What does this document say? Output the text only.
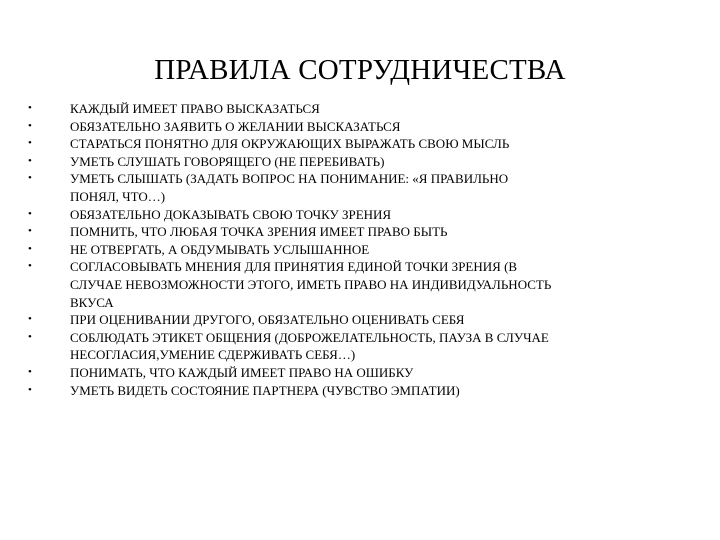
ПРАВИЛА СОТРУДНИЧЕСТВА
•	КАЖДЫЙ ИМЕЕТ ПРАВО ВЫСКАЗАТЬСЯ
•	ОБЯЗАТЕЛЬНО ЗАЯВИТЬ О ЖЕЛАНИИ ВЫСКАЗАТЬСЯ
•	СТАРАТЬСЯ ПОНЯТНО ДЛЯ ОКРУЖАЮЩИХ ВЫРАЖАТЬ СВОЮ МЫСЛЬ
•	УМЕТЬ СЛУШАТЬ ГОВОРЯЩЕГО (НЕ ПЕРЕБИВАТЬ)
•	УМЕТЬ СЛЫШАТЬ (ЗАДАТЬ ВОПРОС НА ПОНИМАНИЕ: «Я ПРАВИЛЬНО
ПОНЯЛ, ЧТО…)
•	ОБЯЗАТЕЛЬНО ДОКАЗЫВАТЬ СВОЮ ТОЧКУ ЗРЕНИЯ
•	ПОМНИТЬ, ЧТО ЛЮБАЯ ТОЧКА ЗРЕНИЯ ИМЕЕТ ПРАВО БЫТЬ
•	НЕ ОТВЕРГАТЬ, А ОБДУМЫВАТЬ УСЛЫШАННОЕ
•	СОГЛАСОВЫВАТЬ МНЕНИЯ ДЛЯ ПРИНЯТИЯ ЕДИНОЙ ТОЧКИ ЗРЕНИЯ (В
СЛУЧАЕ НЕВОЗМОЖНОСТИ ЭТОГО, ИМЕТЬ ПРАВО НА ИНДИВИДУАЛЬНОСТЬ
ВКУСА
•	ПРИ ОЦЕНИВАНИИ ДРУГОГО, ОБЯЗАТЕЛЬНО ОЦЕНИВАТЬ СЕБЯ
•	СОБЛЮДАТЬ ЭТИКЕТ ОБЩЕНИЯ (ДОБРОЖЕЛАТЕЛЬНОСТЬ, ПАУЗА В СЛУЧАЕ
НЕСОГЛАСИЯ,УМЕНИЕ СДЕРЖИВАТЬ СЕБЯ…)
•	ПОНИМАТЬ, ЧТО КАЖДЫЙ ИМЕЕТ ПРАВО НА ОШИБКУ
•	УМЕТЬ ВИДЕТЬ СОСТОЯНИЕ ПАРТНЕРА (ЧУВСТВО ЭМПАТИИ)
